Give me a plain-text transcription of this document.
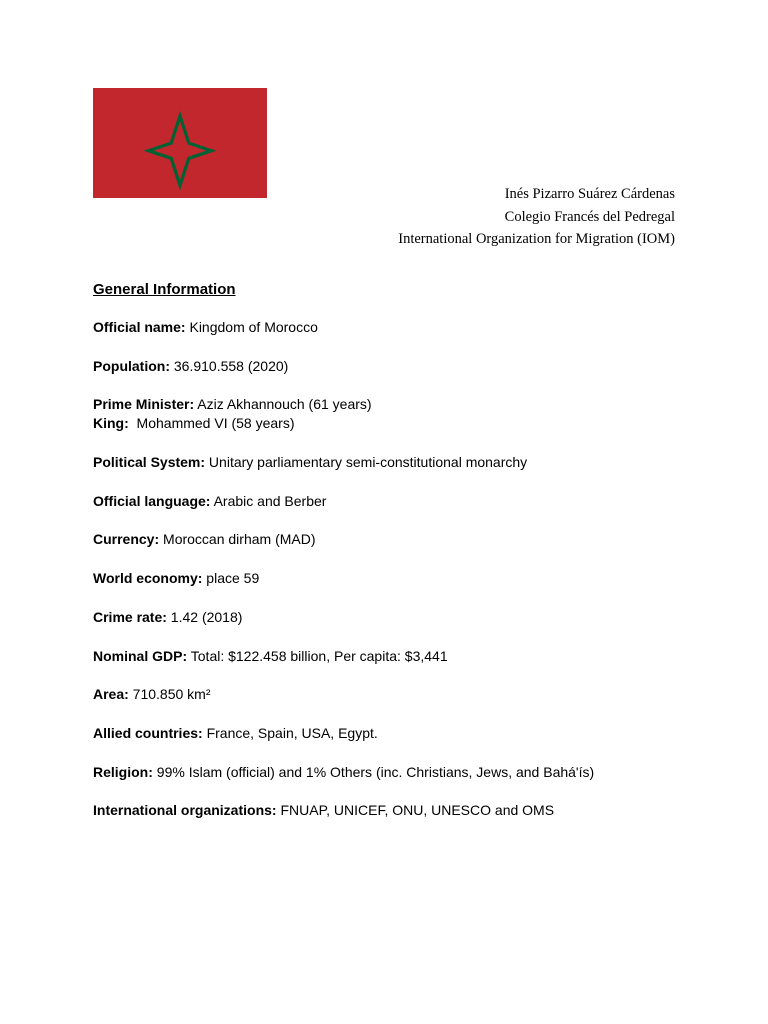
Inés Pizarro Suárez Cárdenas
Colegio Francés del Pedregal
International Organization for Migration (IOM)
General Information
Official name: Kingdom of Morocco
Population: 36.910.558 (2020)
Prime Minister: Aziz Akhannouch (61 years)
King:  Mohammed VI (58 years)
Political System: Unitary parliamentary semi-constitutional monarchy
Official language: Arabic and Berber
Currency: Moroccan dirham (MAD)
World economy: place 59
Crime rate: 1.42 (2018)
Nominal GDP: Total: $122.458 billion, Per capita: $3,441
Area: 710.850 km²
Allied countries: France, Spain, USA, Egypt.
Religion: 99% Islam (official) and 1% Others (inc. Christians, Jews, and Bahá'ís)
International organizations: FNUAP, UNICEF, ONU, UNESCO and OMS
